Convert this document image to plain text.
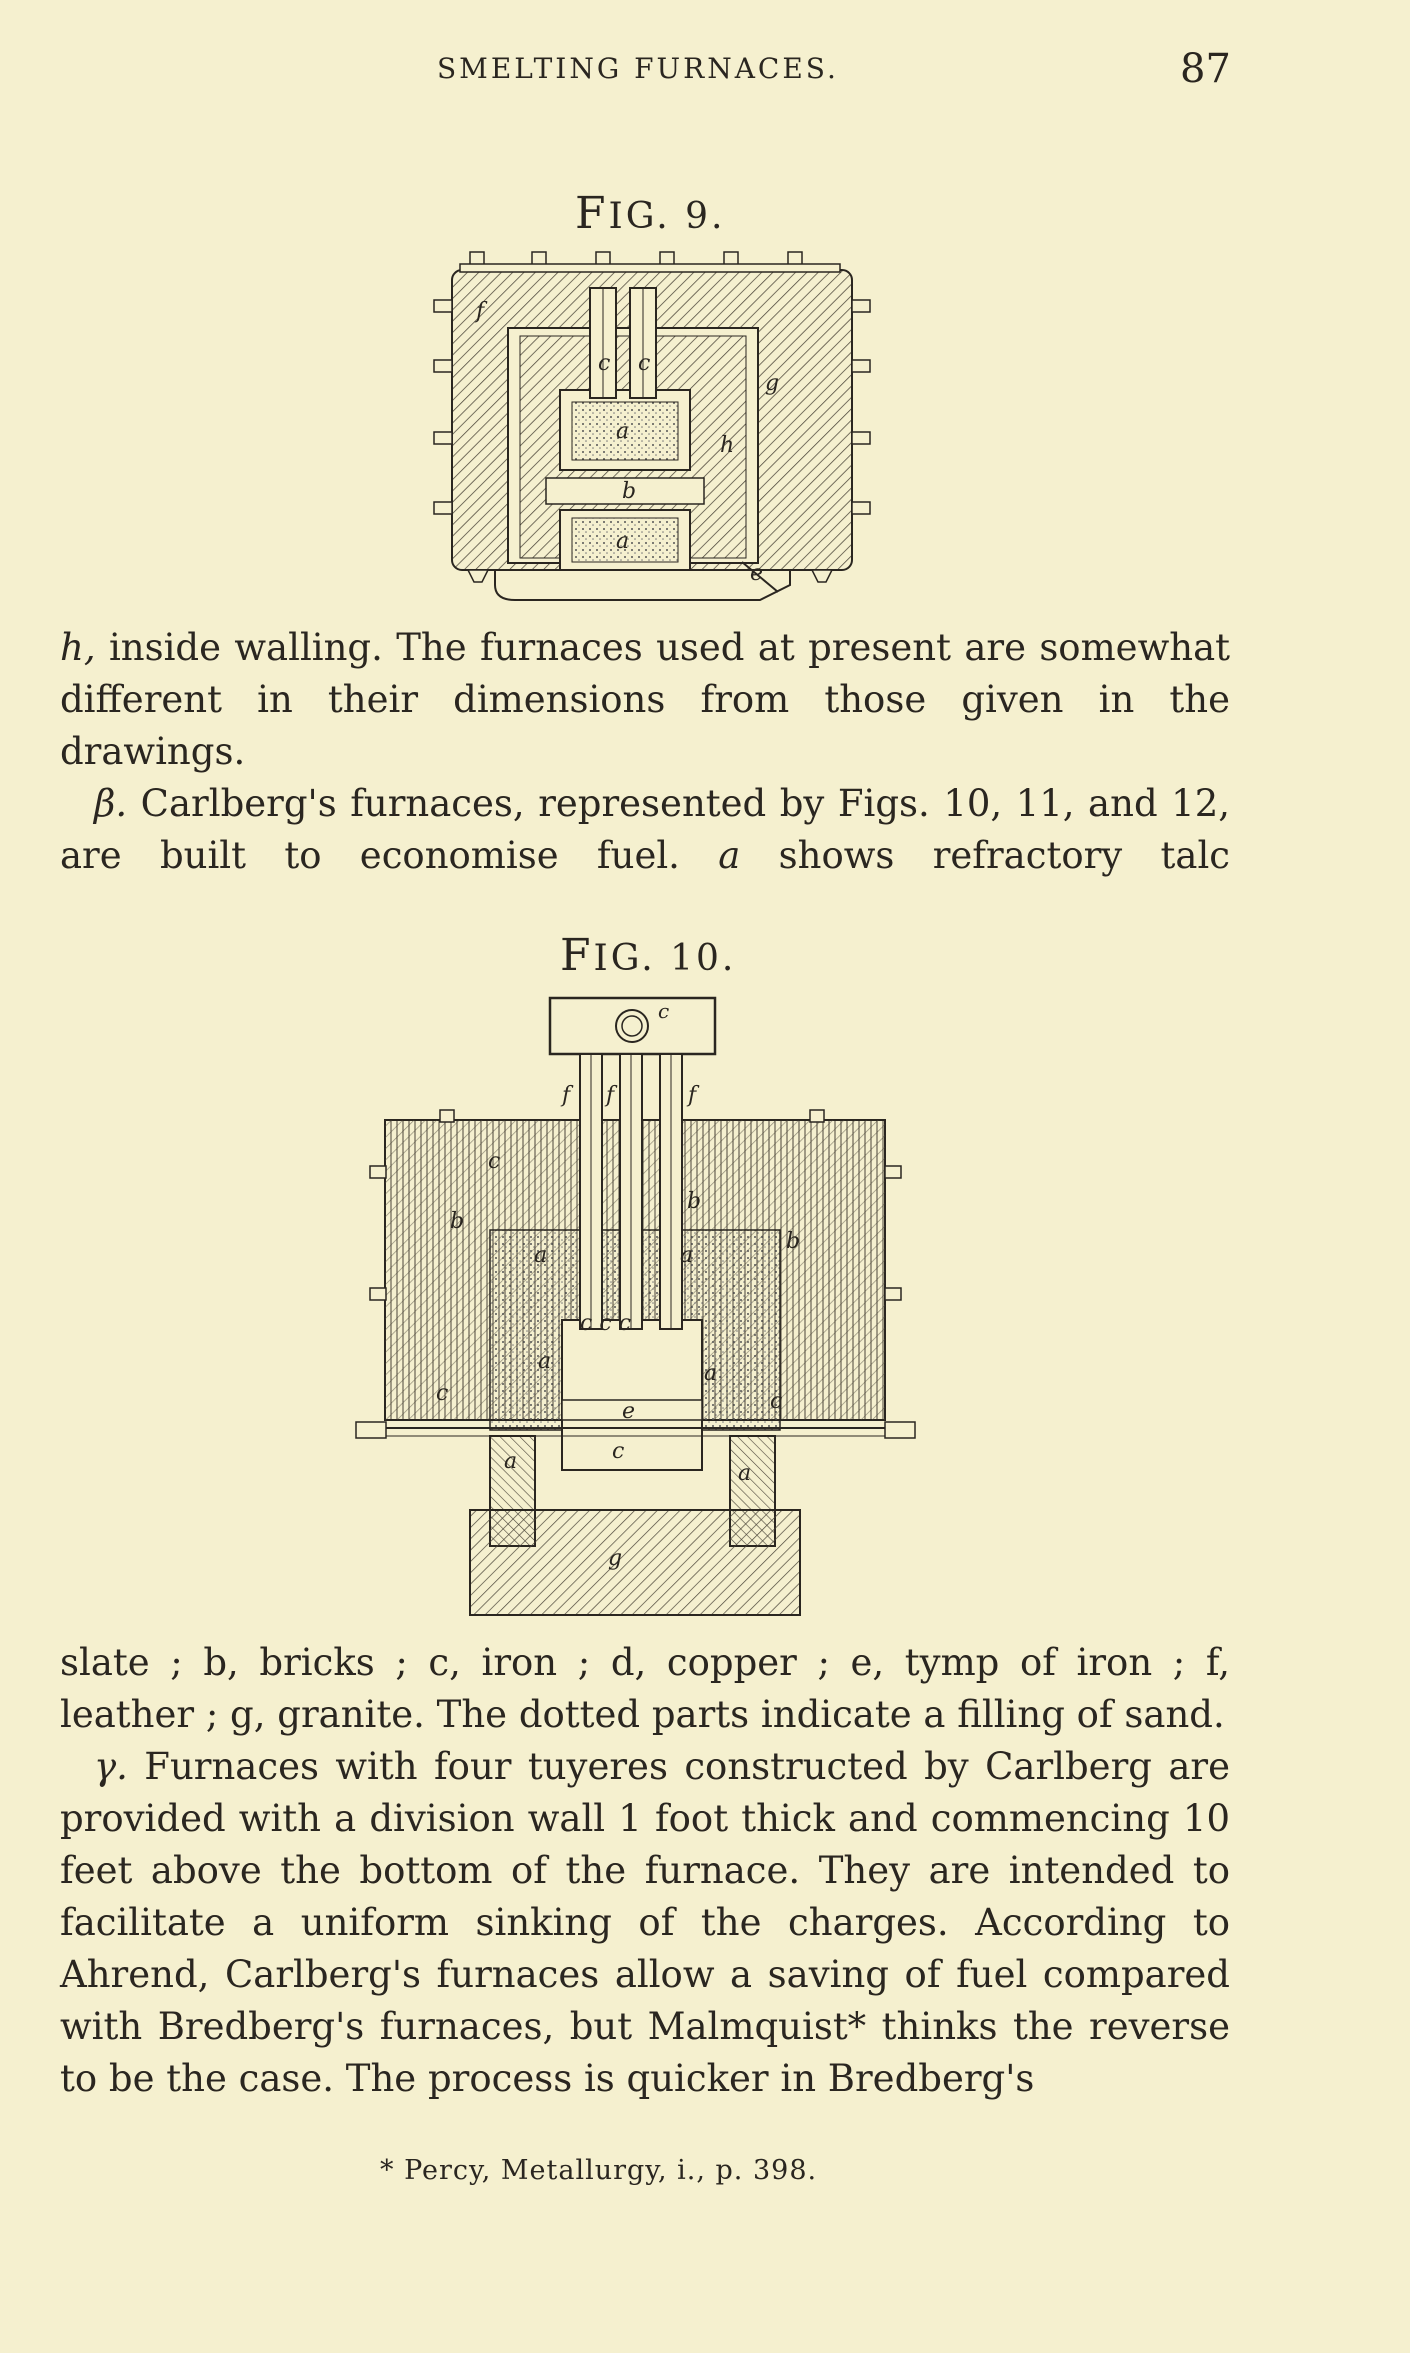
SMELTING FURNACES.	87
FIG. 9.
f
c c
g
a
h
b
a
e

h, inside walling. The furnaces used at present are somewhat different in their dimensions from those given in the drawings.

β. Carlberg's furnaces, represented by Figs. 10, 11, and 12, are built to economise fuel. a shows refractory talc

FIG. 10.
c
f f	f
c
b
b
b
a	a
c c c
a	a
c	c
e
c
a	a
g

slate ; b, bricks ; c, iron ; d, copper ; e, tymp of iron ; f, leather ; g, granite. The dotted parts indicate a filling of sand.

γ. Furnaces with four tuyeres constructed by Carlberg are provided with a division wall 1 foot thick and commencing 10 feet above the bottom of the furnace. They are intended to facilitate a uniform sinking of the charges. According to Ahrend, Carlberg's furnaces allow a saving of fuel compared with Bredberg's furnaces, but Malmquist* thinks the reverse to be the case. The process is quicker in Bredberg's

* Percy, Metallurgy, i., p. 398.
